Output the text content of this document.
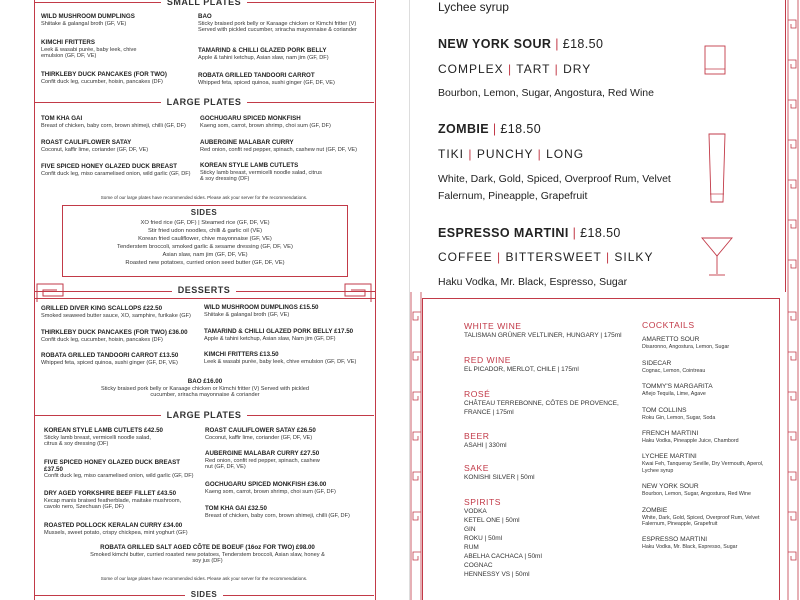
SMALL PLATES
WILD MUSHROOM DUMPLINGS
Shiitake & galangal broth (GF, VE)
KIMCHI FRITTERS
Leek & wasabi purée, baby leek, chive emulsion (GF, DF, VE)
THIRKLEBY DUCK PANCAKES (FOR TWO)
Confit duck leg, cucumber, hoisin, pancakes (DF)
BAO
Sticky braised pork belly or Karaage chicken or Kimchi fritter (V) Served with pickled cucumber, sriracha mayonnaise & coriander
TAMARIND & CHILLI GLAZED PORK BELLY
Apple & tahini ketchup, Asian slaw, nam jim (GF, DF)
ROBATA GRILLED TANDOORI CARROT
Whipped feta, spiced quinoa, sushi ginger (GF, DF, VE)
LARGE PLATES
TOM KHA GAI
Breast of chicken, baby corn, brown shimeji, chilli (GF, DF)
ROAST CAULIFLOWER SATAY
Coconut, kaffir lime, coriander (GF, DF, VE)
FIVE SPICED HONEY GLAZED DUCK BREAST
Confit duck leg, miso caramelised onion, wild garlic (GF, DF)
GOCHUGARU SPICED MONKFISH
Kaeng som, carrot, brown shrimp, choi sum (GF, DF)
AUBERGINE MALABAR CURRY
Red onion, confit red pepper, spinach, cashew nut (GF, DF, VE)
KOREAN STYLE LAMB CUTLETS
Sticky lamb breast, vermicelli noodle salad, citrus & soy dressing (DF)
Some of our large plates have recommended sides. Please ask your server for the recommendations.
SIDES
XO fried rice (GF, DF) | Steamed rice (GF, DF, VE)
Stir fried udon noodles, chilli & garlic oil (VE)
Korean fried cauliflower, chive mayonnaise (GF, VE)
Tenderstem broccoli, smoked garlic & sesame dressing (GF, DF, VE)
Asian slaw, nam jim (GF, DF, VE)
Roasted new potatoes, curried onion seed butter (GF, DF, VE)
DESSERTS
GRILLED DIVER KING SCALLOPS £22.50
Smoked seaweed butter sauce, XO, samphire, furikake (GF)
THIRKLEBY DUCK PANCAKES (FOR TWO) £36.00
Confit duck leg, cucumber, hoisin, pancakes (DF)
ROBATA GRILLED TANDOORI CARROT £13.50
Whipped feta, spiced quinoa, sushi ginger (GF, DF, VE)
WILD MUSHROOM DUMPLINGS £15.50
Shiitake & galangal broth (GF, VE)
TAMARIND & CHILLI GLAZED PORK BELLY £17.50
Apple & tahini ketchup, Asian slaw, Nam jim (GF, DF)
KIMCHI FRITTERS £13.50
Leek & wasabi purée, baby leek, chive emulsion (GF, DF, VE)
BAO £16.00
Sticky braised pork belly or Karaage chicken or Kimchi fritter (V) Served with pickled cucumber, sriracha mayonnaise & coriander
LARGE PLATES
KOREAN STYLE LAMB CUTLETS £42.50
Sticky lamb breast, vermicelli noodle salad, citrus & soy dressing (DF)
FIVE SPICED HONEY GLAZED DUCK BREAST £37.50
Confit duck leg, miso caramelised onion, wild garlic (GF, DF)
DRY AGED YORKSHIRE BEEF FILLET £43.50
Kecap manis braised featherblade, maitake mushroom, cavolo nero, Szechuan (GF, DF)
ROASTED POLLOCK KERALAN CURRY £34.00
Mussels, sweet potato, crispy chickpea, mint yoghurt (GF)
ROAST CAULIFLOWER SATAY £26.50
Coconut, kaffir lime, coriander (GF, DF, VE)
AUBERGINE MALABAR CURRY £27.50
Red onion, confit red pepper, spinach, cashew nut (GF, DF, VE)
GOCHUGARU SPICED MONKFISH £36.00
Kaeng som, carrot, brown shrimp, choi sum (GF, DF)
TOM KHA GAI £32.50
Breast of chicken, baby corn, brown shimeji, chilli (GF, DF)
ROBATA GRILLED SALT AGED CÔTE DE BOEUF (16oz FOR TWO) £98.00
Smoked kimchi butter, curried roasted new potatoes, Tenderstem broccoli, Asian slaw, honey & soy jus (DF)
Some of our large plates have recommended sides. Please ask your server for the recommendations.
SIDES
Lychee syrup
NEW YORK SOUR | £18.50
COMPLEX | TART | DRY
Bourbon, Lemon, Sugar, Angostura, Red Wine
ZOMBIE | £18.50
TIKI | PUNCHY | LONG
White, Dark, Gold, Spiced, Overproof Rum, Velvet Falernum, Pineapple, Grapefruit
ESPRESSO MARTINI | £18.50
COFFEE | BITTERSWEET | SILKY
Haku Vodka, Mr. Black, Espresso, Sugar
WHITE WINE
TALISMAN GRÜNER VELTLINER, HUNGARY | 175ml
RED WINE
EL PICADOR, MERLOT, CHILE | 175ml
ROSÉ
CHÂTEAU TERREBONNE, CÔTES DE PROVENCE, FRANCE | 175ml
BEER
ASAHI | 330ml
SAKE
KONISHI SILVER | 50ml
SPIRITS
VODKA
KETEL ONE | 50ml
GIN
ROKU | 50ml
RUM
ABELHA CACHACA | 50ml
COGNAC
HENNESSY VS | 50ml
COCKTAILS
AMARETTO SOUR
Disaronno, Angostura, Lemon, Sugar
SIDECAR
Cognac, Lemon, Cointreau
TOMMY'S MARGARITA
Añejo Tequila, Lime, Agave
TOM COLLINS
Roku Gin, Lemon, Sugar, Soda
FRENCH MARTINI
Haku Vodka, Pineapple Juice, Chambord
LYCHEE MARTINI
Kwai Feh, Tanqueray Seville, Dry Vermouth, Aperol, Lychee syrup
NEW YORK SOUR
Bourbon, Lemon, Sugar, Angostura, Red Wine
ZOMBIE
White, Dark, Gold, Spiced, Overproof Rum, Velvet Falernum, Pineapple, Grapefruit
ESPRESSO MARTINI
Haku Vodka, Mr. Black, Espresso, Sugar
